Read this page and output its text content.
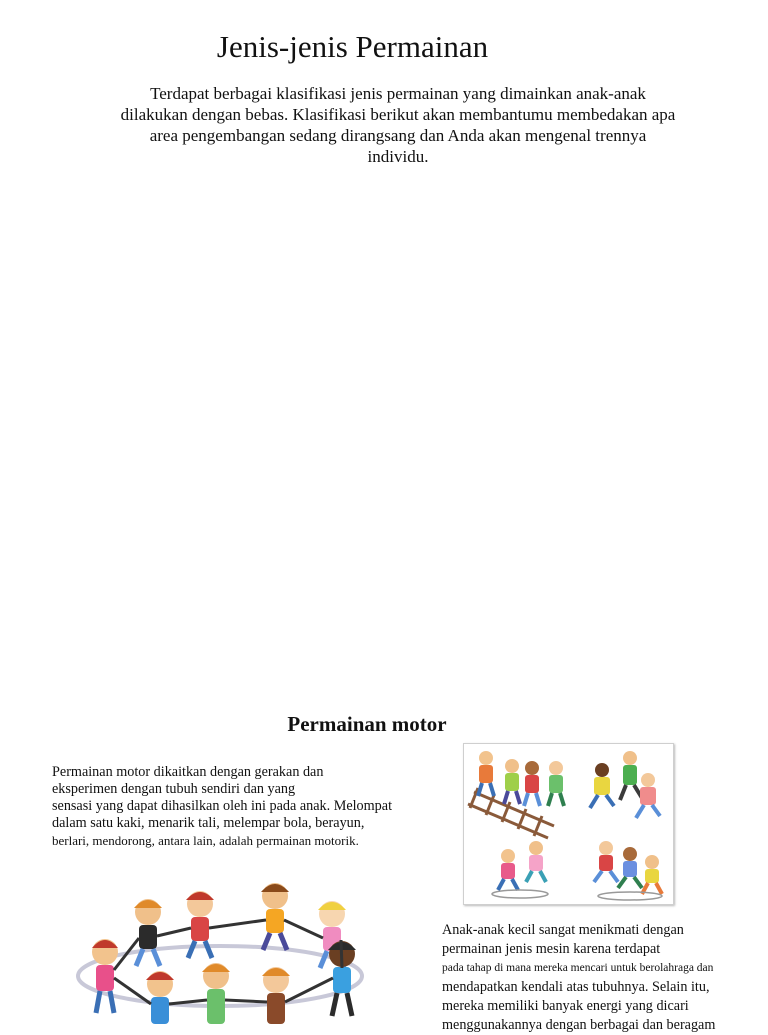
Jenis-jenis Permainan
Terdapat berbagai klasifikasi jenis permainan yang dimainkan anak-anak
dilakukan dengan bebas. Klasifikasi berikut akan membantumu membedakan apa
area pengembangan sedang dirangsang dan Anda akan mengenal trennya
individu.
Permainan motor
Permainan motor dikaitkan dengan gerakan dan
eksperimen dengan tubuh sendiri dan yang
sensasi yang dapat dihasilkan oleh ini pada anak. Melompat
dalam satu kaki, menarik tali, melempar bola, berayun,
berlari, mendorong, antara lain, adalah permainan motorik.
Anak-anak kecil sangat menikmati dengan
permainan jenis mesin karena terdapat
pada tahap di mana mereka mencari untuk berolahraga dan
mendapatkan kendali atas tubuhnya. Selain itu,
mereka memiliki banyak energi yang dicari
menggunakannya dengan berbagai dan beragam
